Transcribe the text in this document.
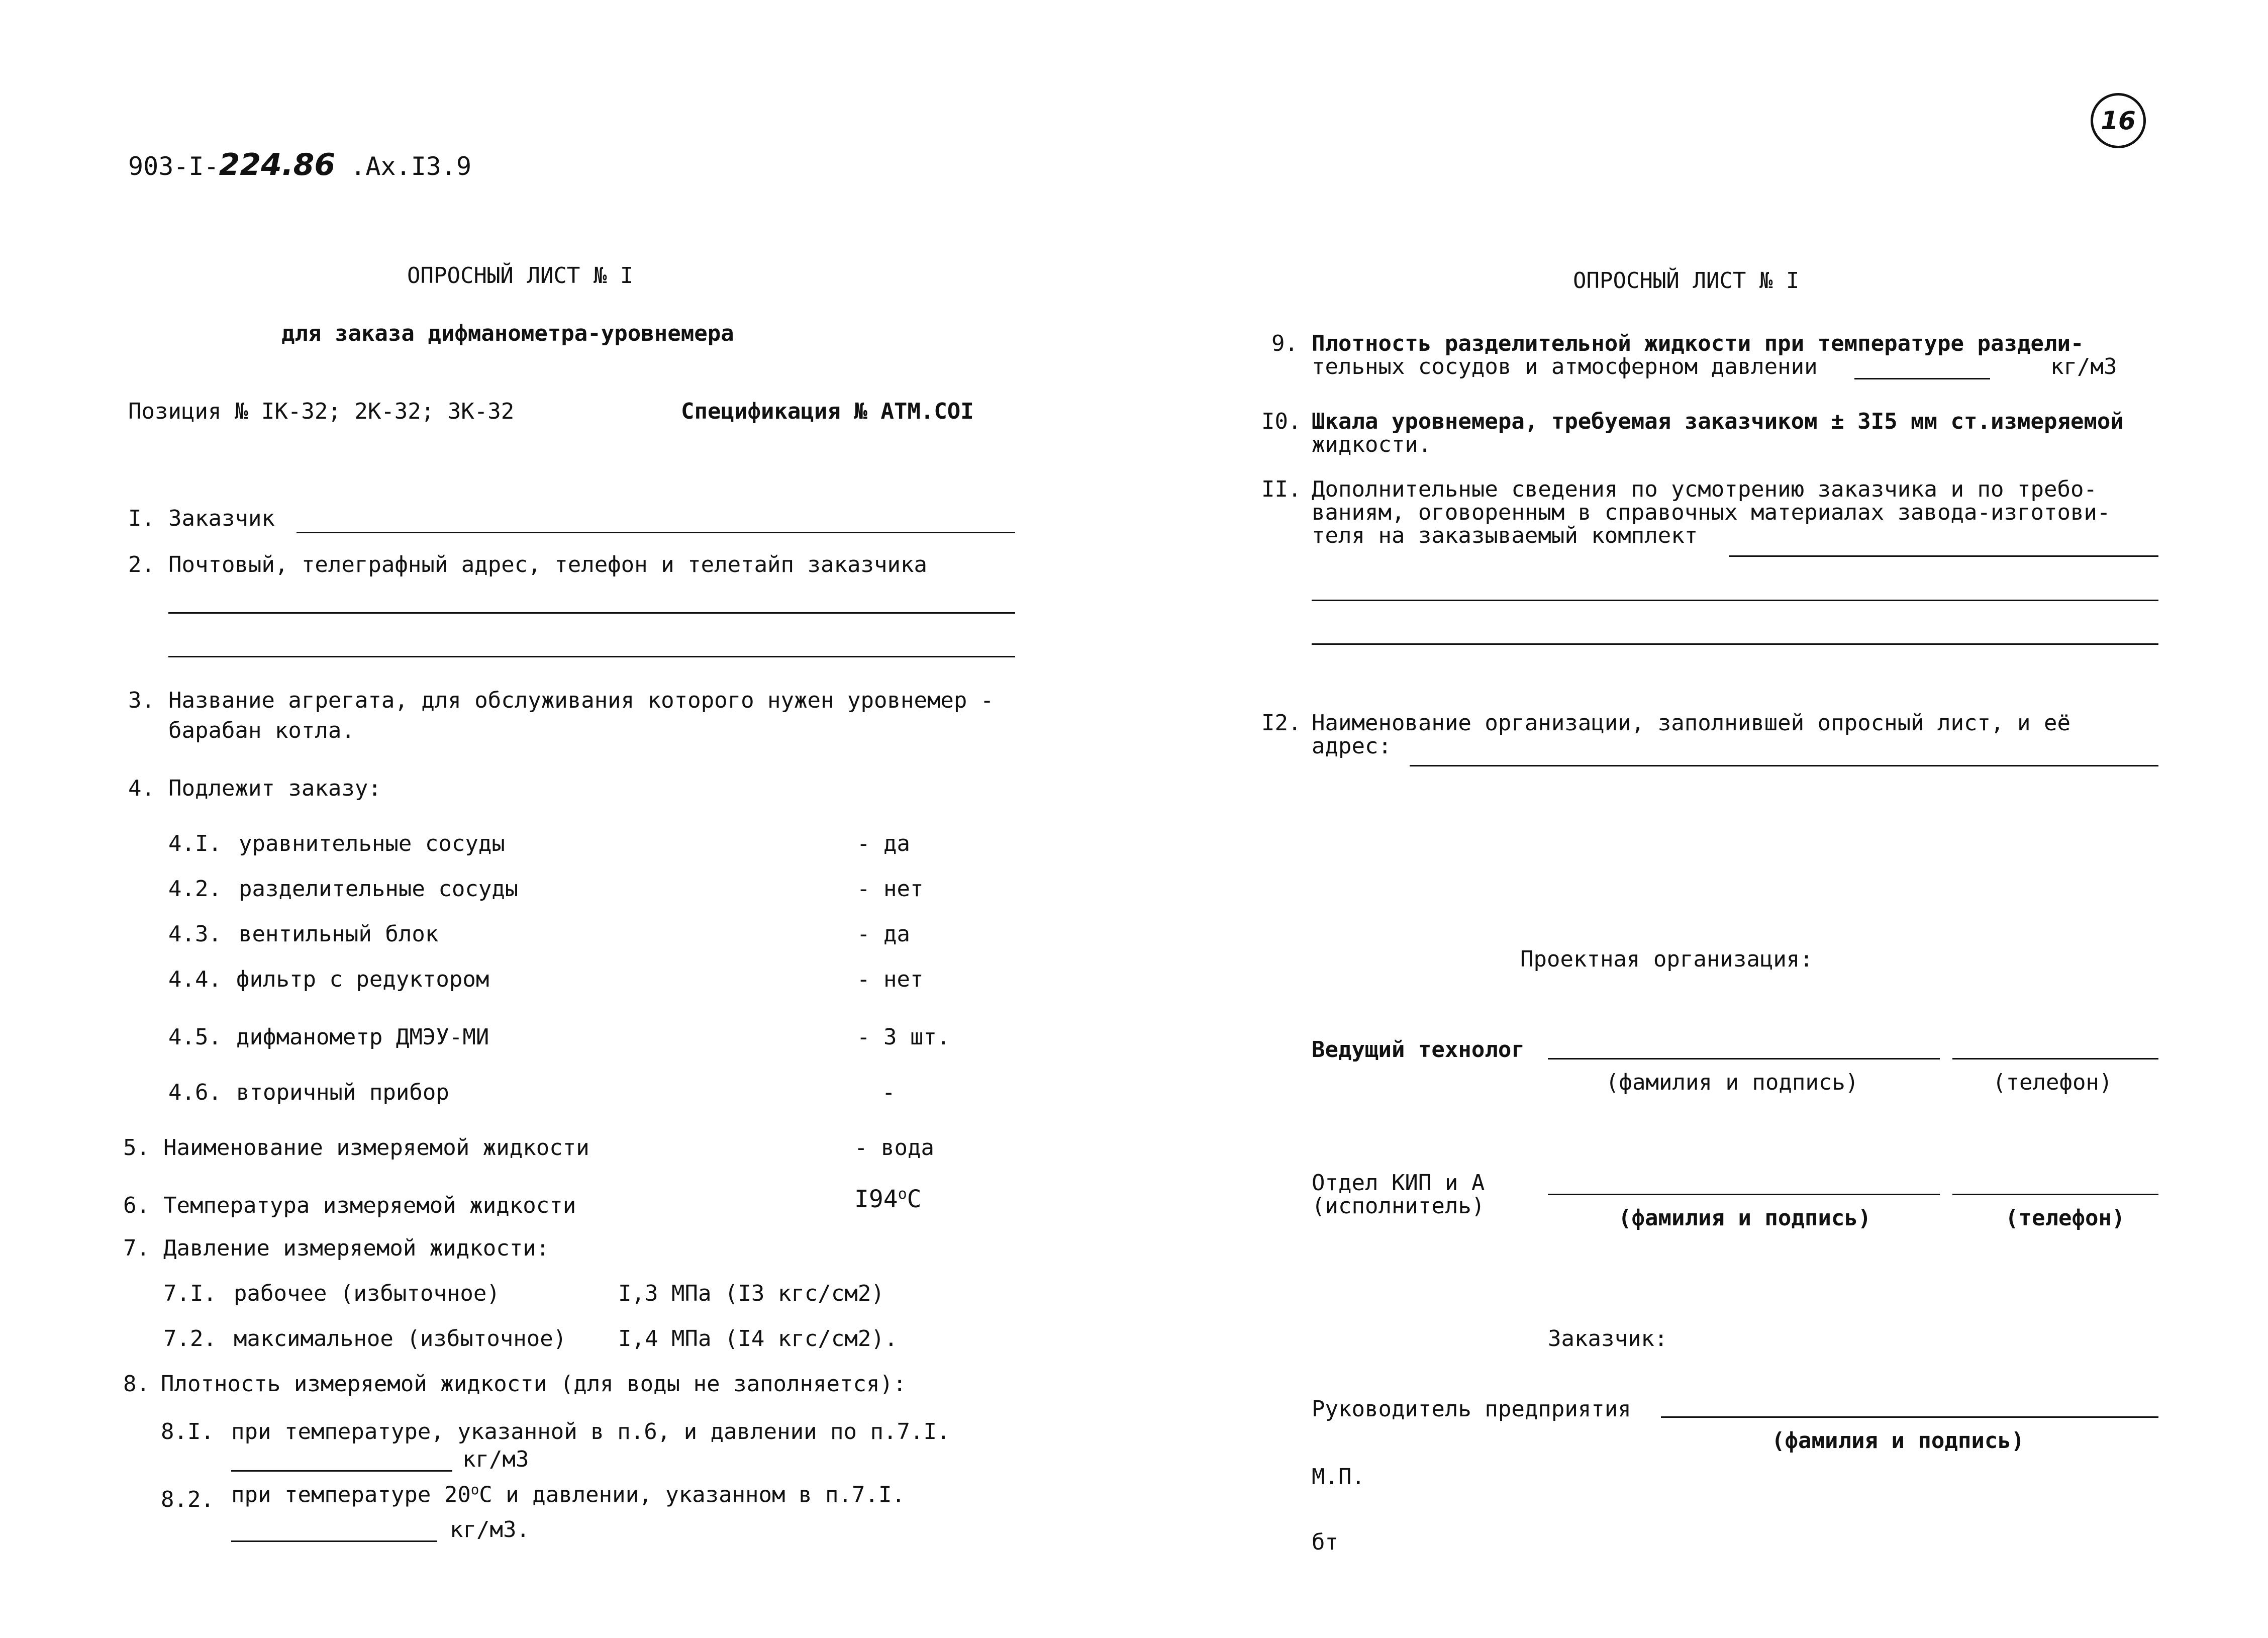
903-I-224.86 .Ах.I3.9
16
ОПРОСНЫЙ ЛИСТ № I
для заказа дифманометра-уровнемера
Позиция № IK-32; 2K-32; 3K-32	Спецификация № АТМ.СОI
I. Заказчик
2. Почтовый, телеграфный адрес, телефон и телетайп заказчика
3. Название агрегата, для обслуживания которого нужен уровнемер -
барабан котла.
4. Подлежит заказу:
4.I. уравнительные сосуды	- да
4.2. разделительные сосуды	- нет
4.3. вентильный блок	- да
4.4. фильтр с редуктором	- нет
4.5. дифманометр ДМЭУ-МИ	- 3 шт.
4.6. вторичный прибор	-
5. Наименование измеряемой жидкости	- вода
6. Температура измеряемой жидкости	$I94^оС$
7. Давление измеряемой жидкости:
7.I. рабочее (избыточное)	I,3 МПа (I3 кгс/см2)
7.2. максимальное (избыточное) I,4 МПа (I4 кгс/см2).
8. Плотность измеряемой жидкости (для воды не заполняется):
8.I. при температуре, указанной в п.6, и давлении по п.7.I.
кг/м3
8.2. при температуре $20^оС$ и давлении, указанном в п.7.I.
кг/м3.
ОПРОСНЫЙ ЛИСТ № I
9. Плотность разделительной жидкости при температуре раздели-
тельных сосудов и атмосферном давлении	кг/м3
I0. Шкала уровнемера, требуемая заказчиком ± 3I5 мм ст.измеряемой
жидкости.
II. Дополнительные сведения по усмотрению заказчика и по требо-
ваниям, оговоренным в справочных материалах завода-изготови-
теля на заказываемый комплект
I2. Наименование организации, заполнившей опросный лист, и её
адрес:
Проектная организация:
Ведущий технолог
(фамилия и подпись)	(телефон)
Отдел КИП и А
(исполнитель)	(фамилия и подпись)	(телефон)
Заказчик:
Руководитель предприятия
(фамилия и подпись)
М.П.
бт
